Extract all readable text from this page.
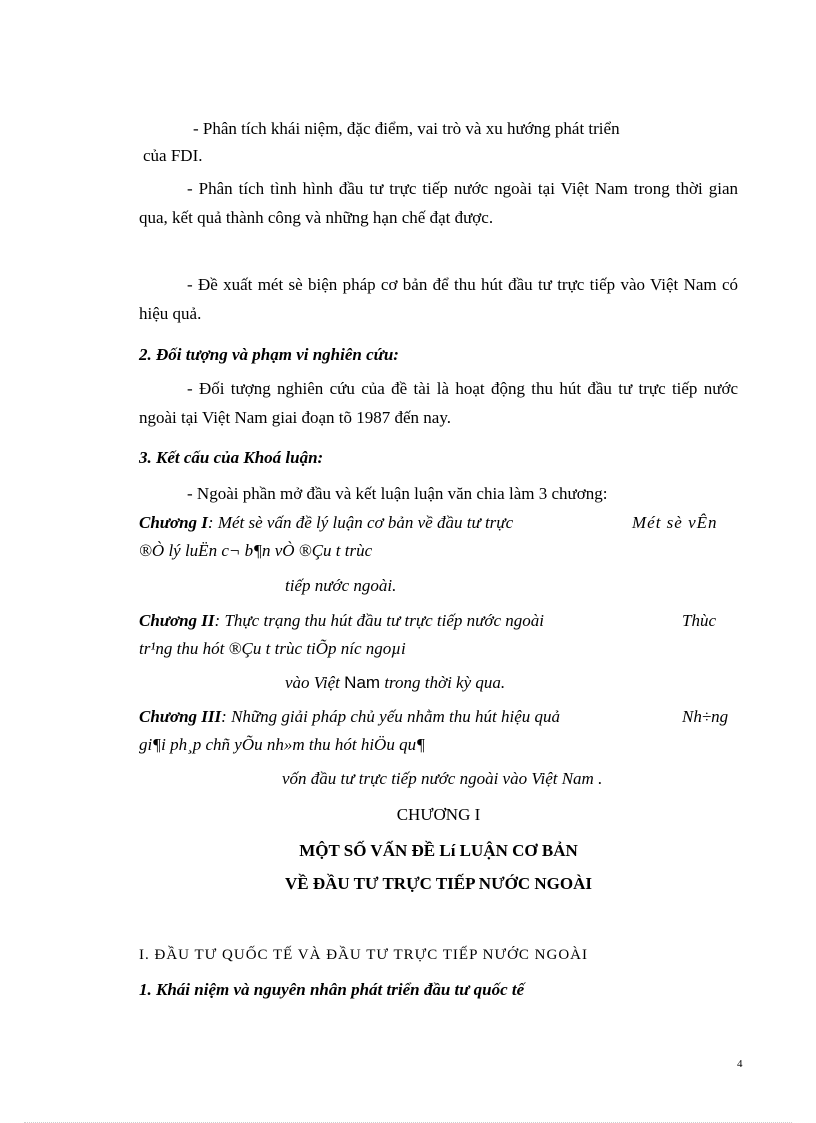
- Phân tích khái niệm, đặc điểm, vai trò và xu hướng phát triển
của FDI.
- Phân tích tình hình đầu tư trực tiếp nước ngoài tại Việt Nam trong thời gian qua, kết quả thành công và những hạn chế đạt được.
- Đề xuất mét sè biện pháp cơ bản để thu hút đầu tư trực tiếp vào Việt Nam có hiệu quả.
2. Đối tượng và phạm vi nghiên cứu:
- Đối tượng nghiên cứu của đề tài là hoạt động thu hút đầu tư trực tiếp nước ngoài tại Việt Nam giai đoạn tõ 1987 đến nay.
3. Kết cấu của Khoá luận:
- Ngoài phần mở đầu và kết luận luận văn chia làm 3 chương:
Chương I: Mét sè vấn đề lý luận cơ bản về đầu tư trực	Mét sè vÊn
®Ò lý luËn c¬ b¶n vÒ ®Çu t trùc
tiếp nước ngoài.
Chương II: Thực trạng thu hút đầu tư trực tiếp nước ngoài	Thùc
tr¹ng thu hót ®Çu t trùc tiÕp níc ngoµi
vào Việt Nam trong thời kỳ qua.
Chương III: Những giải pháp chủ yếu nhằm thu hút hiệu quả	Nh÷ng
gi¶i ph¸p chñ yÕu nh»m thu hót hiÖu qu¶
vốn đầu tư trực tiếp nước ngoài vào Việt Nam .
CHƯƠNG I
MỘT SỐ VẤN ĐỀ Lí LUẬN CƠ BẢN
VỀ ĐẦU TƯ TRỰC TIẾP NƯỚC NGOÀI
I. ĐẦU TƯ QUỐC TẾ VÀ ĐẦU TƯ TRỰC TIẾP NƯỚC NGOÀI
1. Khái niệm và nguyên nhân phát triển đầu tư quốc tế
4
